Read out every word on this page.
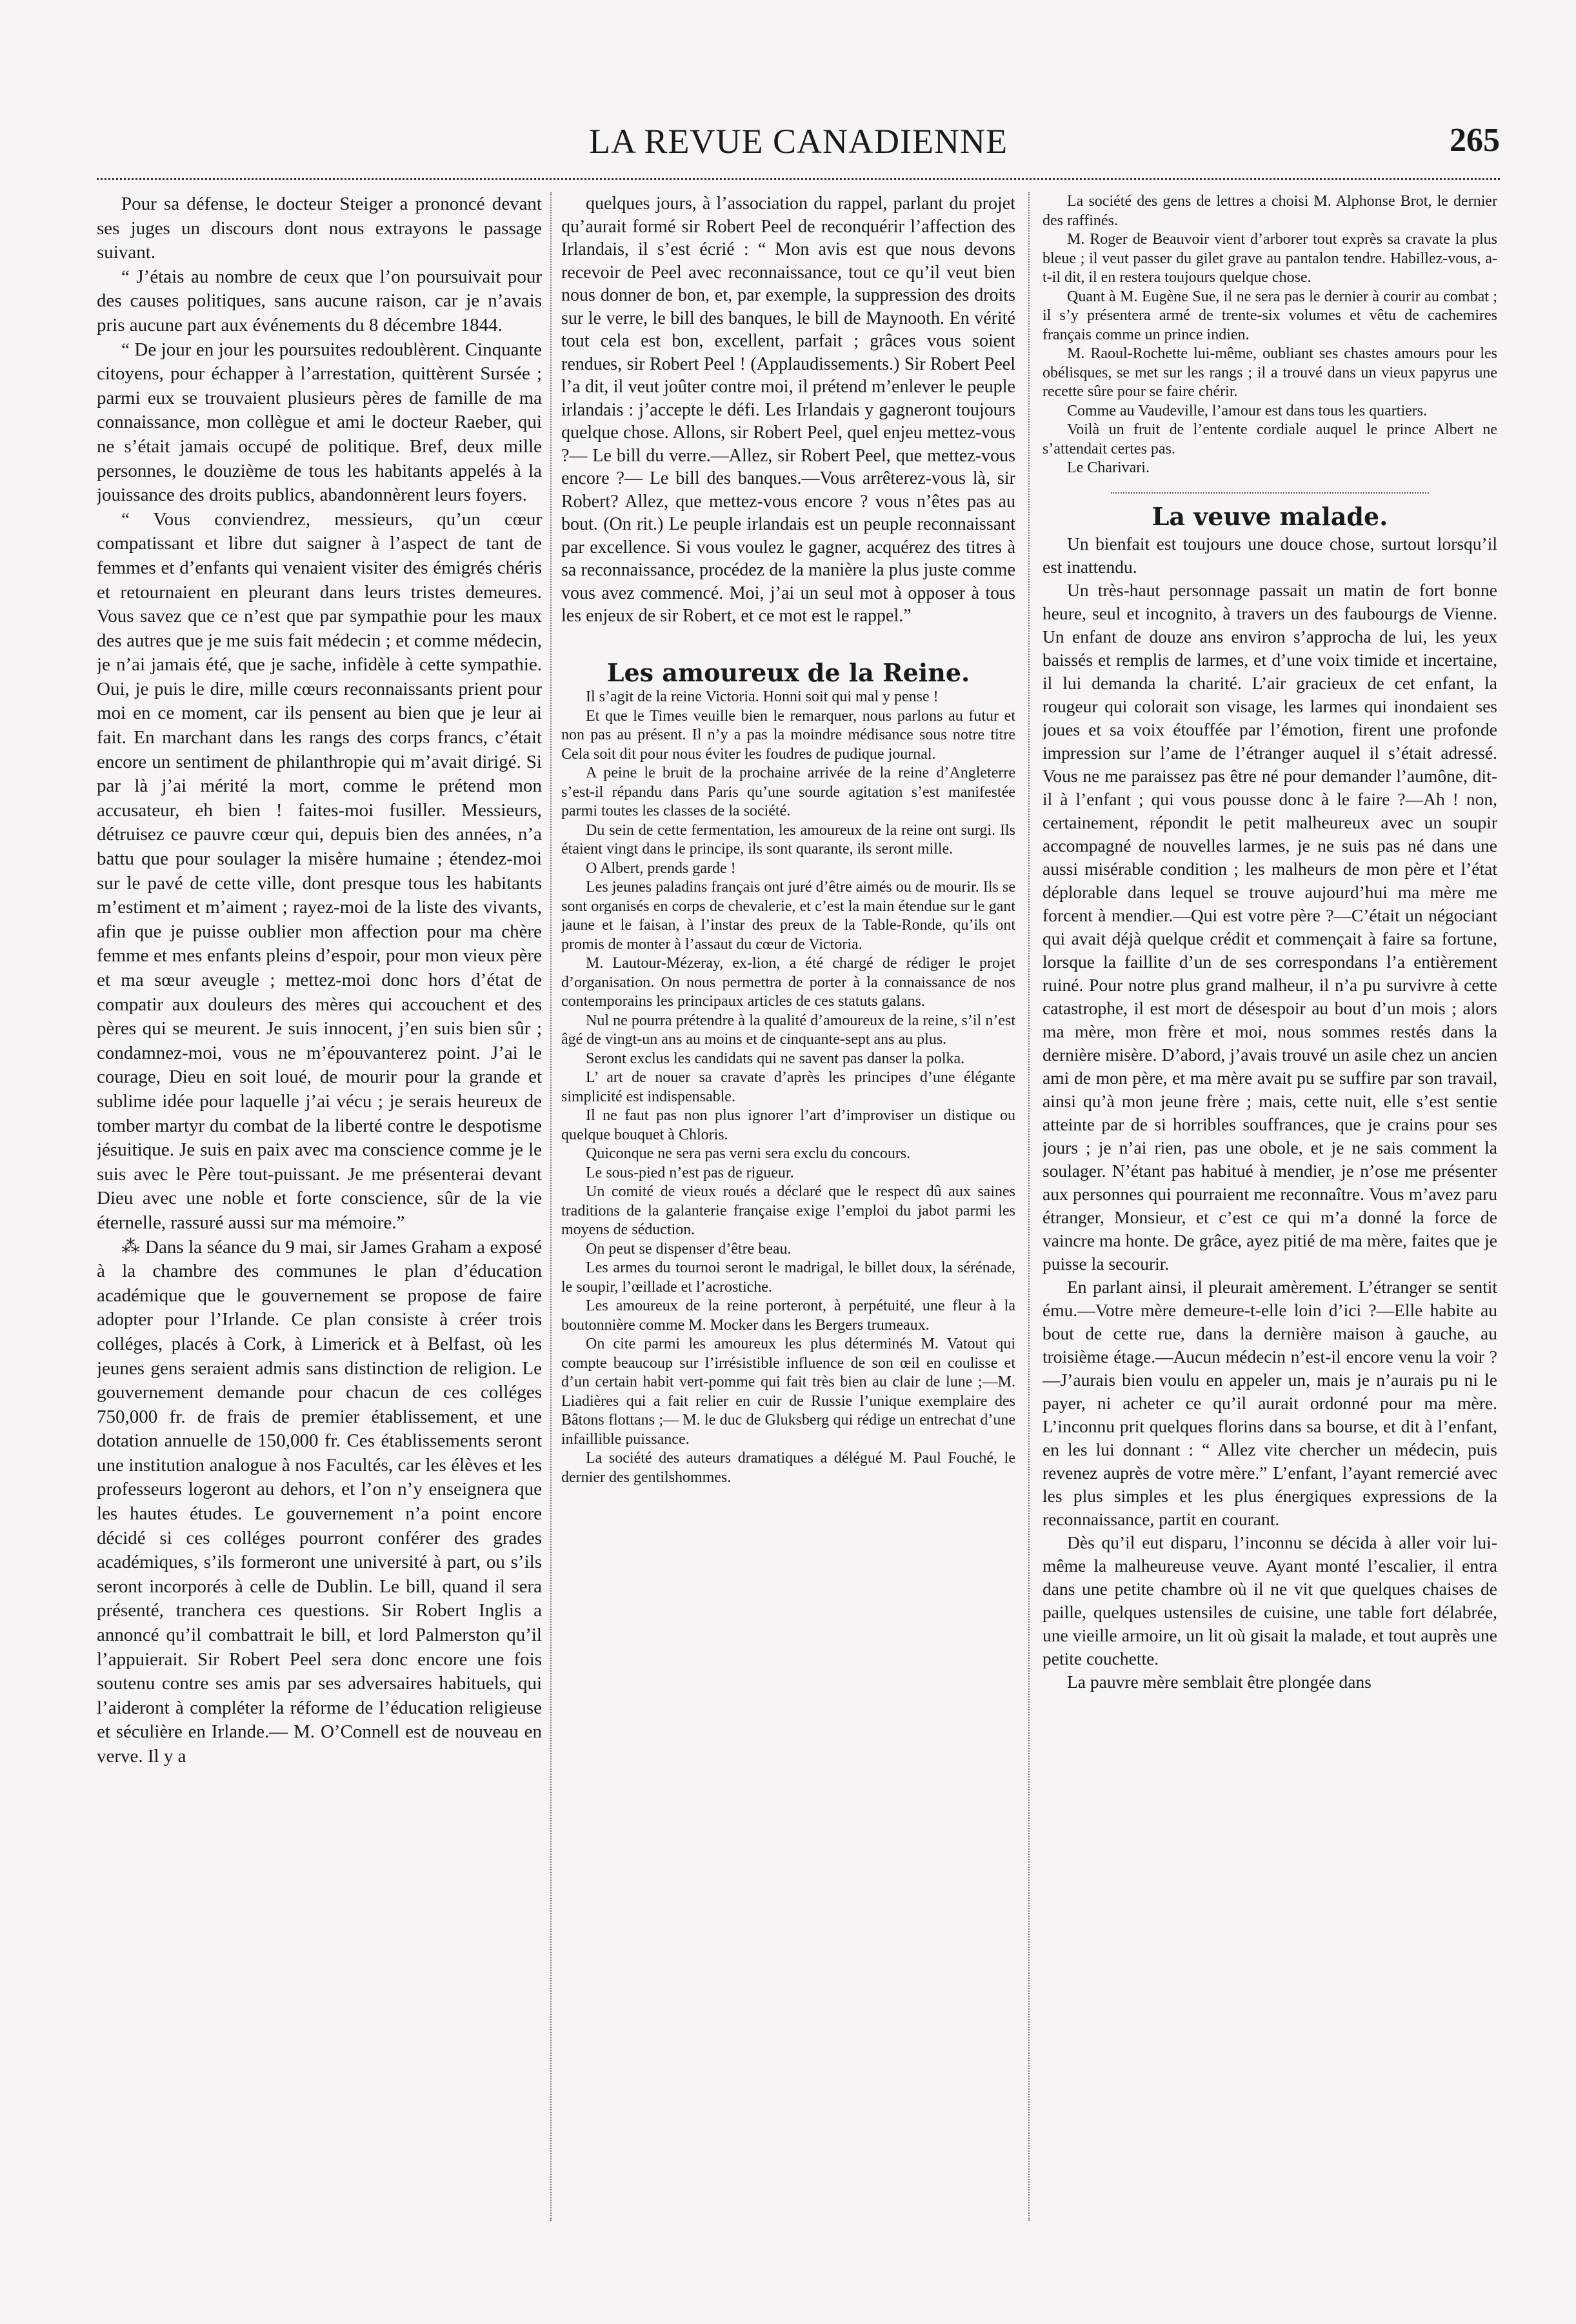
LA REVUE CANADIENNE	265

Pour sa défense, le docteur Steiger a prononcé devant ses juges un discours dont nous extrayons le passage suivant.

“ J’étais au nombre de ceux que l’on poursuivait pour des causes politiques, sans aucune raison, car je n’avais pris aucune part aux événements du 8 décembre 1844.

“ De jour en jour les poursuites redoublèrent. Cinquante citoyens, pour échapper à l’arrestation, quittèrent Sursée ; parmi eux se trouvaient plusieurs pères de famille de ma connaissance, mon collègue et ami le docteur Raeber, qui ne s’était jamais occupé de politique. Bref, deux mille personnes, le douzième de tous les habitants appelés à la jouissance des droits publics, abandonnèrent leurs foyers.

“ Vous conviendrez, messieurs, qu’un cœur compatissant et libre dut saigner à l’aspect de tant de femmes et d’enfants qui venaient visiter des émigrés chéris et retournaient en pleurant dans leurs tristes demeures. Vous savez que ce n’est que par sympathie pour les maux des autres que je me suis fait médecin ; et comme médecin, je n’ai jamais été, que je sache, infidèle à cette sympathie. Oui, je puis le dire, mille cœurs reconnaissants prient pour moi en ce moment, car ils pensent au bien que je leur ai fait. En marchant dans les rangs des corps francs, c’était encore un sentiment de philanthropie qui m’avait dirigé. Si par là j’ai mérité la mort, comme le prétend mon accusateur, eh bien ! faites-moi fusiller. Messieurs, détruisez ce pauvre cœur qui, depuis bien des années, n’a battu que pour soulager la misère humaine ; étendez-moi sur le pavé de cette ville, dont presque tous les habitants m’estiment et m’aiment ; rayez-moi de la liste des vivants, afin que je puisse oublier mon affection pour ma chère femme et mes enfants pleins d’espoir, pour mon vieux père et ma sœur aveugle ; mettez-moi donc hors d’état de compatir aux douleurs des mères qui accouchent et des pères qui se meurent. Je suis innocent, j’en suis bien sûr ; condamnez-moi, vous ne m’épouvanterez point. J’ai le courage, Dieu en soit loué, de mourir pour la grande et sublime idée pour laquelle j’ai vécu ; je serais heureux de tomber martyr du combat de la liberté contre le despotisme jésuitique. Je suis en paix avec ma conscience comme je le suis avec le Père tout-puissant. Je me présenterai devant Dieu avec une noble et forte conscience, sûr de la vie éternelle, rassuré aussi sur ma mémoire.”

⁂ Dans la séance du 9 mai, sir James Graham a exposé à la chambre des communes le plan d’éducation académique que le gouvernement se propose de faire adopter pour l’Irlande. Ce plan consiste à créer trois colléges, placés à Cork, à Limerick et à Belfast, où les jeunes gens seraient admis sans distinction de religion. Le gouvernement demande pour chacun de ces colléges 750,000 fr. de frais de premier établissement, et une dotation annuelle de 150,000 fr. Ces établissements seront une institution analogue à nos Facultés, car les élèves et les professeurs logeront au dehors, et l’on n’y enseignera que les hautes études. Le gouvernement n’a point encore décidé si ces colléges pourront conférer des grades académiques, s’ils formeront une université à part, ou s’ils seront incorporés à celle de Dublin. Le bill, quand il sera présenté, tranchera ces questions. Sir Robert Inglis a annoncé qu’il combattrait le bill, et lord Palmerston qu’il l’appuierait. Sir Robert Peel sera donc encore une fois soutenu contre ses amis par ses adversaires habituels, qui l’aideront à compléter la réforme de l’éducation religieuse et séculière en Irlande.— M. O’Connell est de nouveau en verve. Il y a

quelques jours, à l’association du rappel, parlant du projet qu’aurait formé sir Robert Peel de reconquérir l’affection des Irlandais, il s’est écrié : “ Mon avis est que nous devons recevoir de Peel avec reconnaissance, tout ce qu’il veut bien nous donner de bon, et, par exemple, la suppression des droits sur le verre, le bill des banques, le bill de Maynooth. En vérité tout cela est bon, excellent, parfait ; grâces vous soient rendues, sir Robert Peel ! (Applaudissements.) Sir Robert Peel l’a dit, il veut joûter contre moi, il prétend m’enlever le peuple irlandais : j’accepte le défi. Les Irlandais y gagneront toujours quelque chose. Allons, sir Robert Peel, quel enjeu mettez-vous ?— Le bill du verre.—Allez, sir Robert Peel, que mettez-vous encore ?— Le bill des banques.—Vous arrêterez-vous là, sir Robert? Allez, que mettez-vous encore ? vous n’êtes pas au bout. (On rit.) Le peuple irlandais est un peuple reconnaissant par excellence. Si vous voulez le gagner, acquérez des titres à sa reconnaissance, procédez de la manière la plus juste comme vous avez commencé. Moi, j’ai un seul mot à opposer à tous les enjeux de sir Robert, et ce mot est le rappel.”

Les amoureux de la Reine.

Il s’agit de la reine Victoria. Honni soit qui mal y pense !

Et que le Times veuille bien le remarquer, nous parlons au futur et non pas au présent. Il n’y a pas la moindre médisance sous notre titre Cela soit dit pour nous éviter les foudres de pudique journal.

A peine le bruit de la prochaine arrivée de la reine d’Angleterre s’est-il répandu dans Paris qu’une sourde agitation s’est manifestée parmi toutes les classes de la société.

Du sein de cette fermentation, les amoureux de la reine ont surgi. Ils étaient vingt dans le principe, ils sont quarante, ils seront mille.

O Albert, prends garde !

Les jeunes paladins français ont juré d’être aimés ou de mourir. Ils se sont organisés en corps de chevalerie, et c’est la main étendue sur le gant jaune et le faisan, à l’instar des preux de la Table-Ronde, qu’ils ont promis de monter à l’assaut du cœur de Victoria.

M. Lautour-Mézeray, ex-lion, a été chargé de rédiger le projet d’organisation. On nous permettra de porter à la connaissance de nos contemporains les principaux articles de ces statuts galans.

Nul ne pourra prétendre à la qualité d’amoureux de la reine, s’il n’est âgé de vingt-un ans au moins et de cinquante-sept ans au plus.

Seront exclus les candidats qui ne savent pas danser la polka.

L’ art de nouer sa cravate d’après les principes d’une élégante simplicité est indispensable.

Il ne faut pas non plus ignorer l’art d’improviser un distique ou quelque bouquet à Chloris.

Quiconque ne sera pas verni sera exclu du concours.

Le sous-pied n’est pas de rigueur.

Un comité de vieux roués a déclaré que le respect dû aux saines traditions de la galanterie française exige l’emploi du jabot parmi les moyens de séduction.

On peut se dispenser d’être beau.

Les armes du tournoi seront le madrigal, le billet doux, la sérénade, le soupir, l’œillade et l’acrostiche.

Les amoureux de la reine porteront, à perpétuité, une fleur à la boutonnière comme M. Mocker dans les Bergers trumeaux.

On cite parmi les amoureux les plus déterminés M. Vatout qui compte beaucoup sur l’irrésistible influence de son œil en coulisse et d’un certain habit vert-pomme qui fait très bien au clair de lune ;—M. Liadières qui a fait relier en cuir de Russie l’unique exemplaire des Bâtons flottans ;— M. le duc de Gluksberg qui rédige un entrechat d’une infaillible puissance.

La société des auteurs dramatiques a délégué M. Paul Fouché, le dernier des gentilshommes.

La société des gens de lettres a choisi M. Alphonse Brot, le dernier des raffinés.

M. Roger de Beauvoir vient d’arborer tout exprès sa cravate la plus bleue ; il veut passer du gilet grave au pantalon tendre. Habillez-vous, a-t-il dit, il en restera toujours quelque chose.

Quant à M. Eugène Sue, il ne sera pas le dernier à courir au combat ; il s’y présentera armé de trente-six volumes et vêtu de cachemires français comme un prince indien.

M. Raoul-Rochette lui-même, oubliant ses chastes amours pour les obélisques, se met sur les rangs ; il a trouvé dans un vieux papyrus une recette sûre pour se faire chérir.

Comme au Vaudeville, l’amour est dans tous les quartiers.

Voilà un fruit de l’entente cordiale auquel le prince Albert ne s’attendait certes pas.

Le Charivari.

La veuve malade.

Un bienfait est toujours une douce chose, surtout lorsqu’il est inattendu.

Un très-haut personnage passait un matin de fort bonne heure, seul et incognito, à travers un des faubourgs de Vienne. Un enfant de douze ans environ s’approcha de lui, les yeux baissés et remplis de larmes, et d’une voix timide et incertaine, il lui demanda la charité. L’air gracieux de cet enfant, la rougeur qui colorait son visage, les larmes qui inondaient ses joues et sa voix étouffée par l’émotion, firent une profonde impression sur l’ame de l’étranger auquel il s’était adressé. Vous ne me paraissez pas être né pour demander l’aumône, dit-il à l’enfant ; qui vous pousse donc à le faire ?—Ah ! non, certainement, répondit le petit malheureux avec un soupir accompagné de nouvelles larmes, je ne suis pas né dans une aussi misérable condition ; les malheurs de mon père et l’état déplorable dans lequel se trouve aujourd’hui ma mère me forcent à mendier.—Qui est votre père ?—C’était un négociant qui avait déjà quelque crédit et commençait à faire sa fortune, lorsque la faillite d’un de ses correspondans l’a entièrement ruiné. Pour notre plus grand malheur, il n’a pu survivre à cette catastrophe, il est mort de désespoir au bout d’un mois ; alors ma mère, mon frère et moi, nous sommes restés dans la dernière misère. D’abord, j’avais trouvé un asile chez un ancien ami de mon père, et ma mère avait pu se suffire par son travail, ainsi qu’à mon jeune frère ; mais, cette nuit, elle s’est sentie atteinte par de si horribles souffrances, que je crains pour ses jours ; je n’ai rien, pas une obole, et je ne sais comment la soulager. N’étant pas habitué à mendier, je n’ose me présenter aux personnes qui pourraient me reconnaître. Vous m’avez paru étranger, Monsieur, et c’est ce qui m’a donné la force de vaincre ma honte. De grâce, ayez pitié de ma mère, faites que je puisse la secourir.

En parlant ainsi, il pleurait amèrement. L’étranger se sentit ému.—Votre mère demeure-t-elle loin d’ici ?—Elle habite au bout de cette rue, dans la dernière maison à gauche, au troisième étage.—Aucun médecin n’est-il encore venu la voir ?—J’aurais bien voulu en appeler un, mais je n’aurais pu ni le payer, ni acheter ce qu’il aurait ordonné pour ma mère. L’inconnu prit quelques florins dans sa bourse, et dit à l’enfant, en les lui donnant : “ Allez vite chercher un médecin, puis revenez auprès de votre mère.” L’enfant, l’ayant remercié avec les plus simples et les plus énergiques expressions de la reconnaissance, partit en courant.

Dès qu’il eut disparu, l’inconnu se décida à aller voir lui-même la malheureuse veuve. Ayant monté l’escalier, il entra dans une petite chambre où il ne vit que quelques chaises de paille, quelques ustensiles de cuisine, une table fort délabrée, une vieille armoire, un lit où gisait la malade, et tout auprès une petite couchette.

La pauvre mère semblait être plongée dans
